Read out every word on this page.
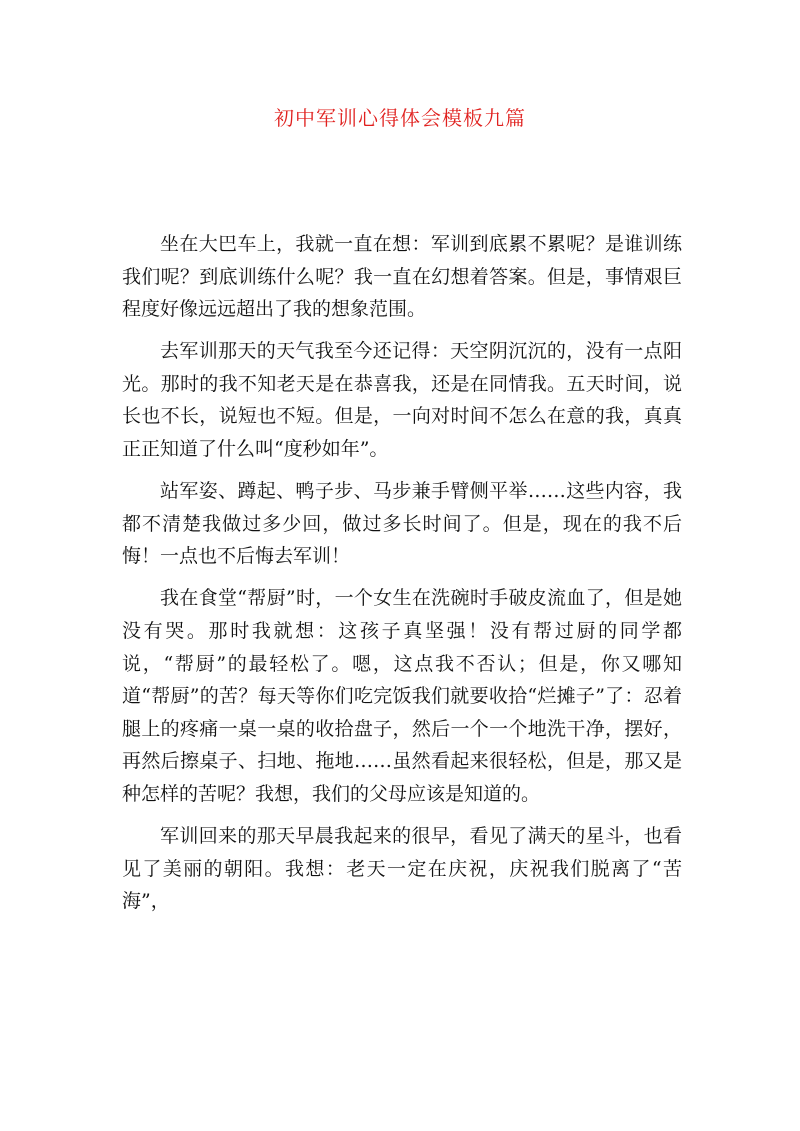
初中军训心得体会模板九篇

坐在大巴车上，我就一直在想：军训到底累不累呢？是谁训练我们呢？到底训练什么呢？我一直在幻想着答案。但是，事情艰巨程度好像远远超出了我的想象范围。

去军训那天的天气我至今还记得：天空阴沉沉的，没有一点阳光。那时的我不知老天是在恭喜我，还是在同情我。五天时间，说长也不长，说短也不短。但是，一向对时间不怎么在意的我，真真正正知道了什么叫“度秒如年”。

站军姿、蹲起、鸭子步、马步兼手臂侧平举……这些内容，我都不清楚我做过多少回，做过多长时间了。但是，现在的我不后悔！一点也不后悔去军训！

我在食堂“帮厨”时，一个女生在洗碗时手破皮流血了，但是她没有哭。那时我就想：这孩子真坚强！没有帮过厨的同学都说，“帮厨”的最轻松了。嗯，这点我不否认；但是，你又哪知道“帮厨”的苦？每天等你们吃完饭我们就要收拾“烂摊子”了：忍着腿上的疼痛一桌一桌的收拾盘子，然后一个一个地洗干净，摆好，再然后擦桌子、扫地、拖地……虽然看起来很轻松，但是，那又是种怎样的苦呢？我想，我们的父母应该是知道的。

军训回来的那天早晨我起来的很早，看见了满天的星斗，也看见了美丽的朝阳。我想：老天一定在庆祝，庆祝我们脱离了“苦海”，
